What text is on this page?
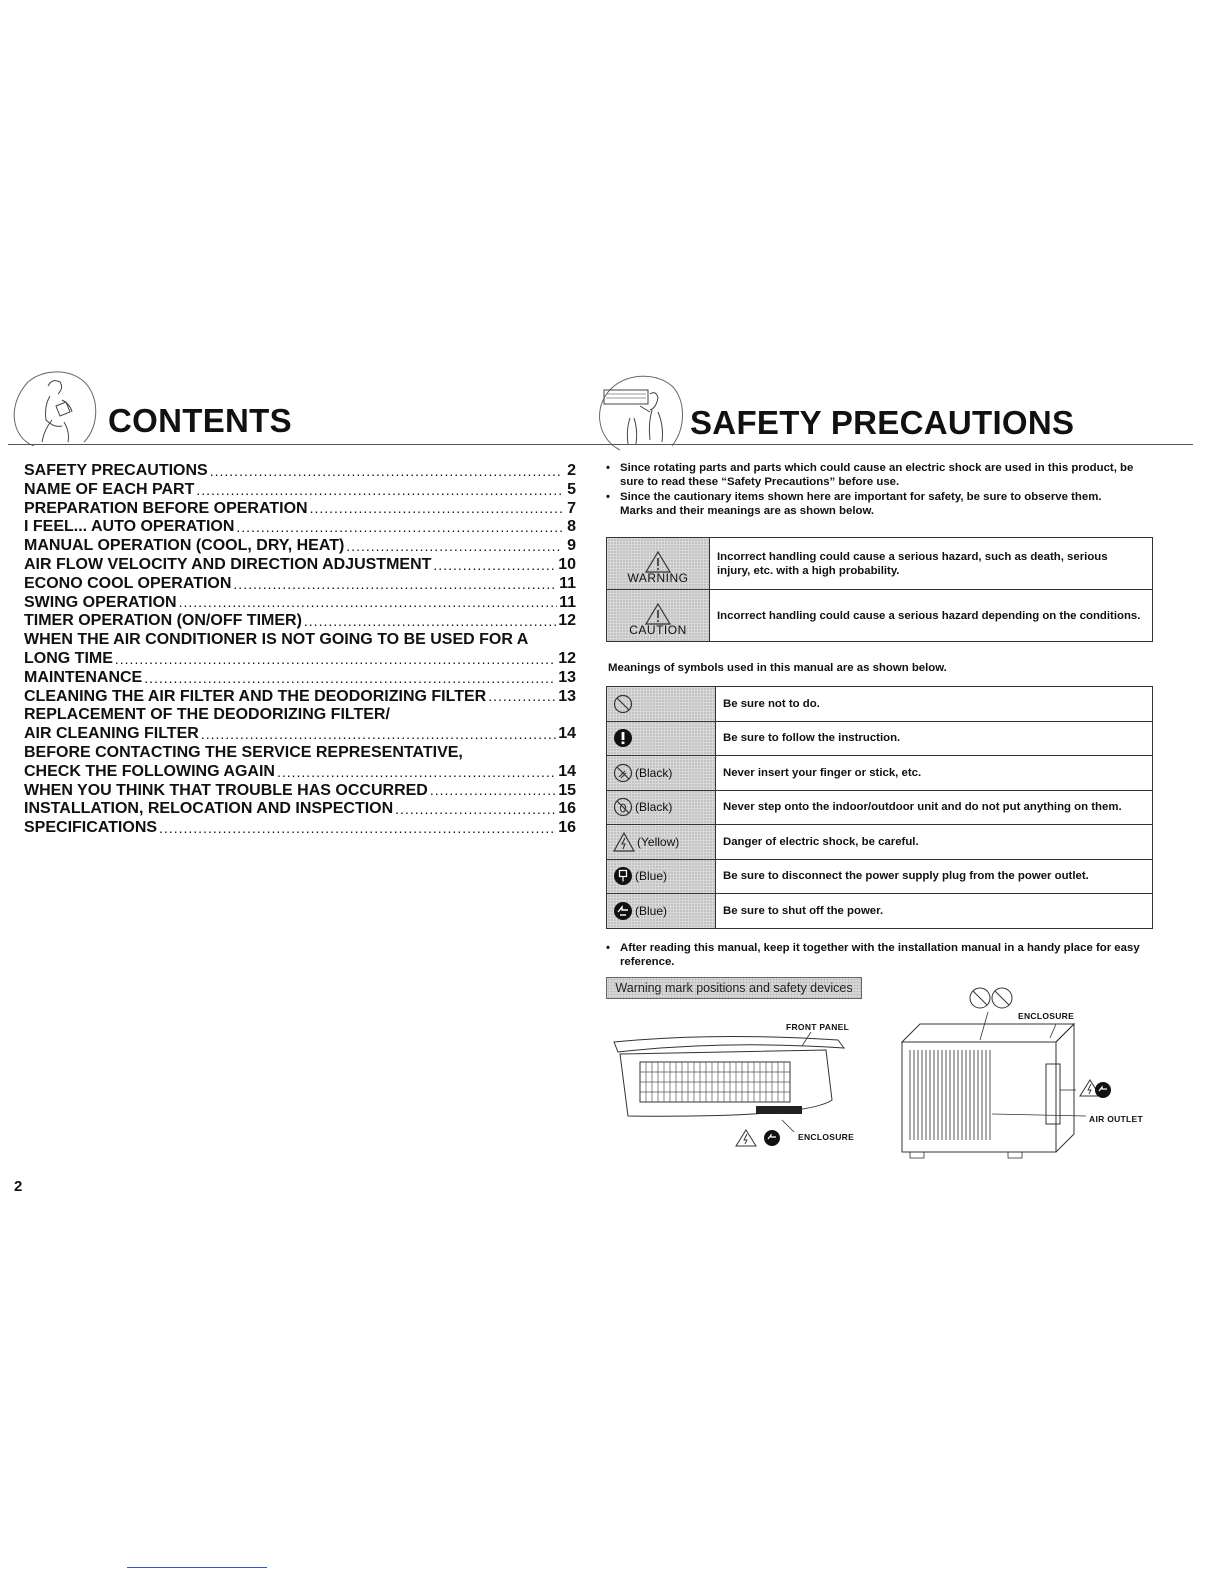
CONTENTS	SAFETY PRECAUTIONS
SAFETY PRECAUTIONS .....	2
NAME OF EACH PART .....	5
PREPARATION BEFORE OPERATION .....	7
I FEEL... AUTO OPERATION .....	8
MANUAL OPERATION (COOL, DRY, HEAT) .....	9
AIR FLOW VELOCITY AND DIRECTION ADJUSTMENT .....	10
ECONO COOL OPERATION .....	11
SWING OPERATION .....	11
TIMER OPERATION (ON/OFF TIMER) .....	12
WHEN THE AIR CONDITIONER IS NOT GOING TO BE USED FOR A
LONG TIME .....	12
MAINTENANCE .....	13
CLEANING THE AIR FILTER AND THE DEODORIZING FILTER .....	13
REPLACEMENT OF THE DEODORIZING FILTER/
AIR CLEANING FILTER .....	14
BEFORE CONTACTING THE SERVICE REPRESENTATIVE,
CHECK THE FOLLOWING AGAIN .....	14
WHEN YOU THINK THAT TROUBLE HAS OCCURRED .....	15
INSTALLATION, RELOCATION AND INSPECTION .....	16
SPECIFICATIONS .....	16
• Since rotating parts and parts which could cause an electric shock are used in this product, be sure to read these “Safety Precautions” before use.
• Since the cautionary items shown here are important for safety, be sure to observe them.
Marks and their meanings are as shown below.
WARNING	Incorrect handling could cause a serious hazard, such as death, serious injury, etc. with a high probability.

CAUTION	Incorrect handling could cause a serious hazard depending on the conditions.
Meanings of symbols used in this manual are as shown below.
	Be sure not to do.
	Be sure to follow the instruction.
(Black)	Never insert your finger or stick, etc.
(Black)	Never step onto the indoor/outdoor unit and do not put anything on them.
(Yellow)	Danger of electric shock, be careful.
(Blue)	Be sure to disconnect the power supply plug from the power outlet.
(Blue)	Be sure to shut off the power.
• After reading this manual, keep it together with the installation manual in a handy place for easy reference.
Warning mark positions and safety devices
FRONT PANEL
ENCLOSURE
ENCLOSURE
AIR OUTLET
2
